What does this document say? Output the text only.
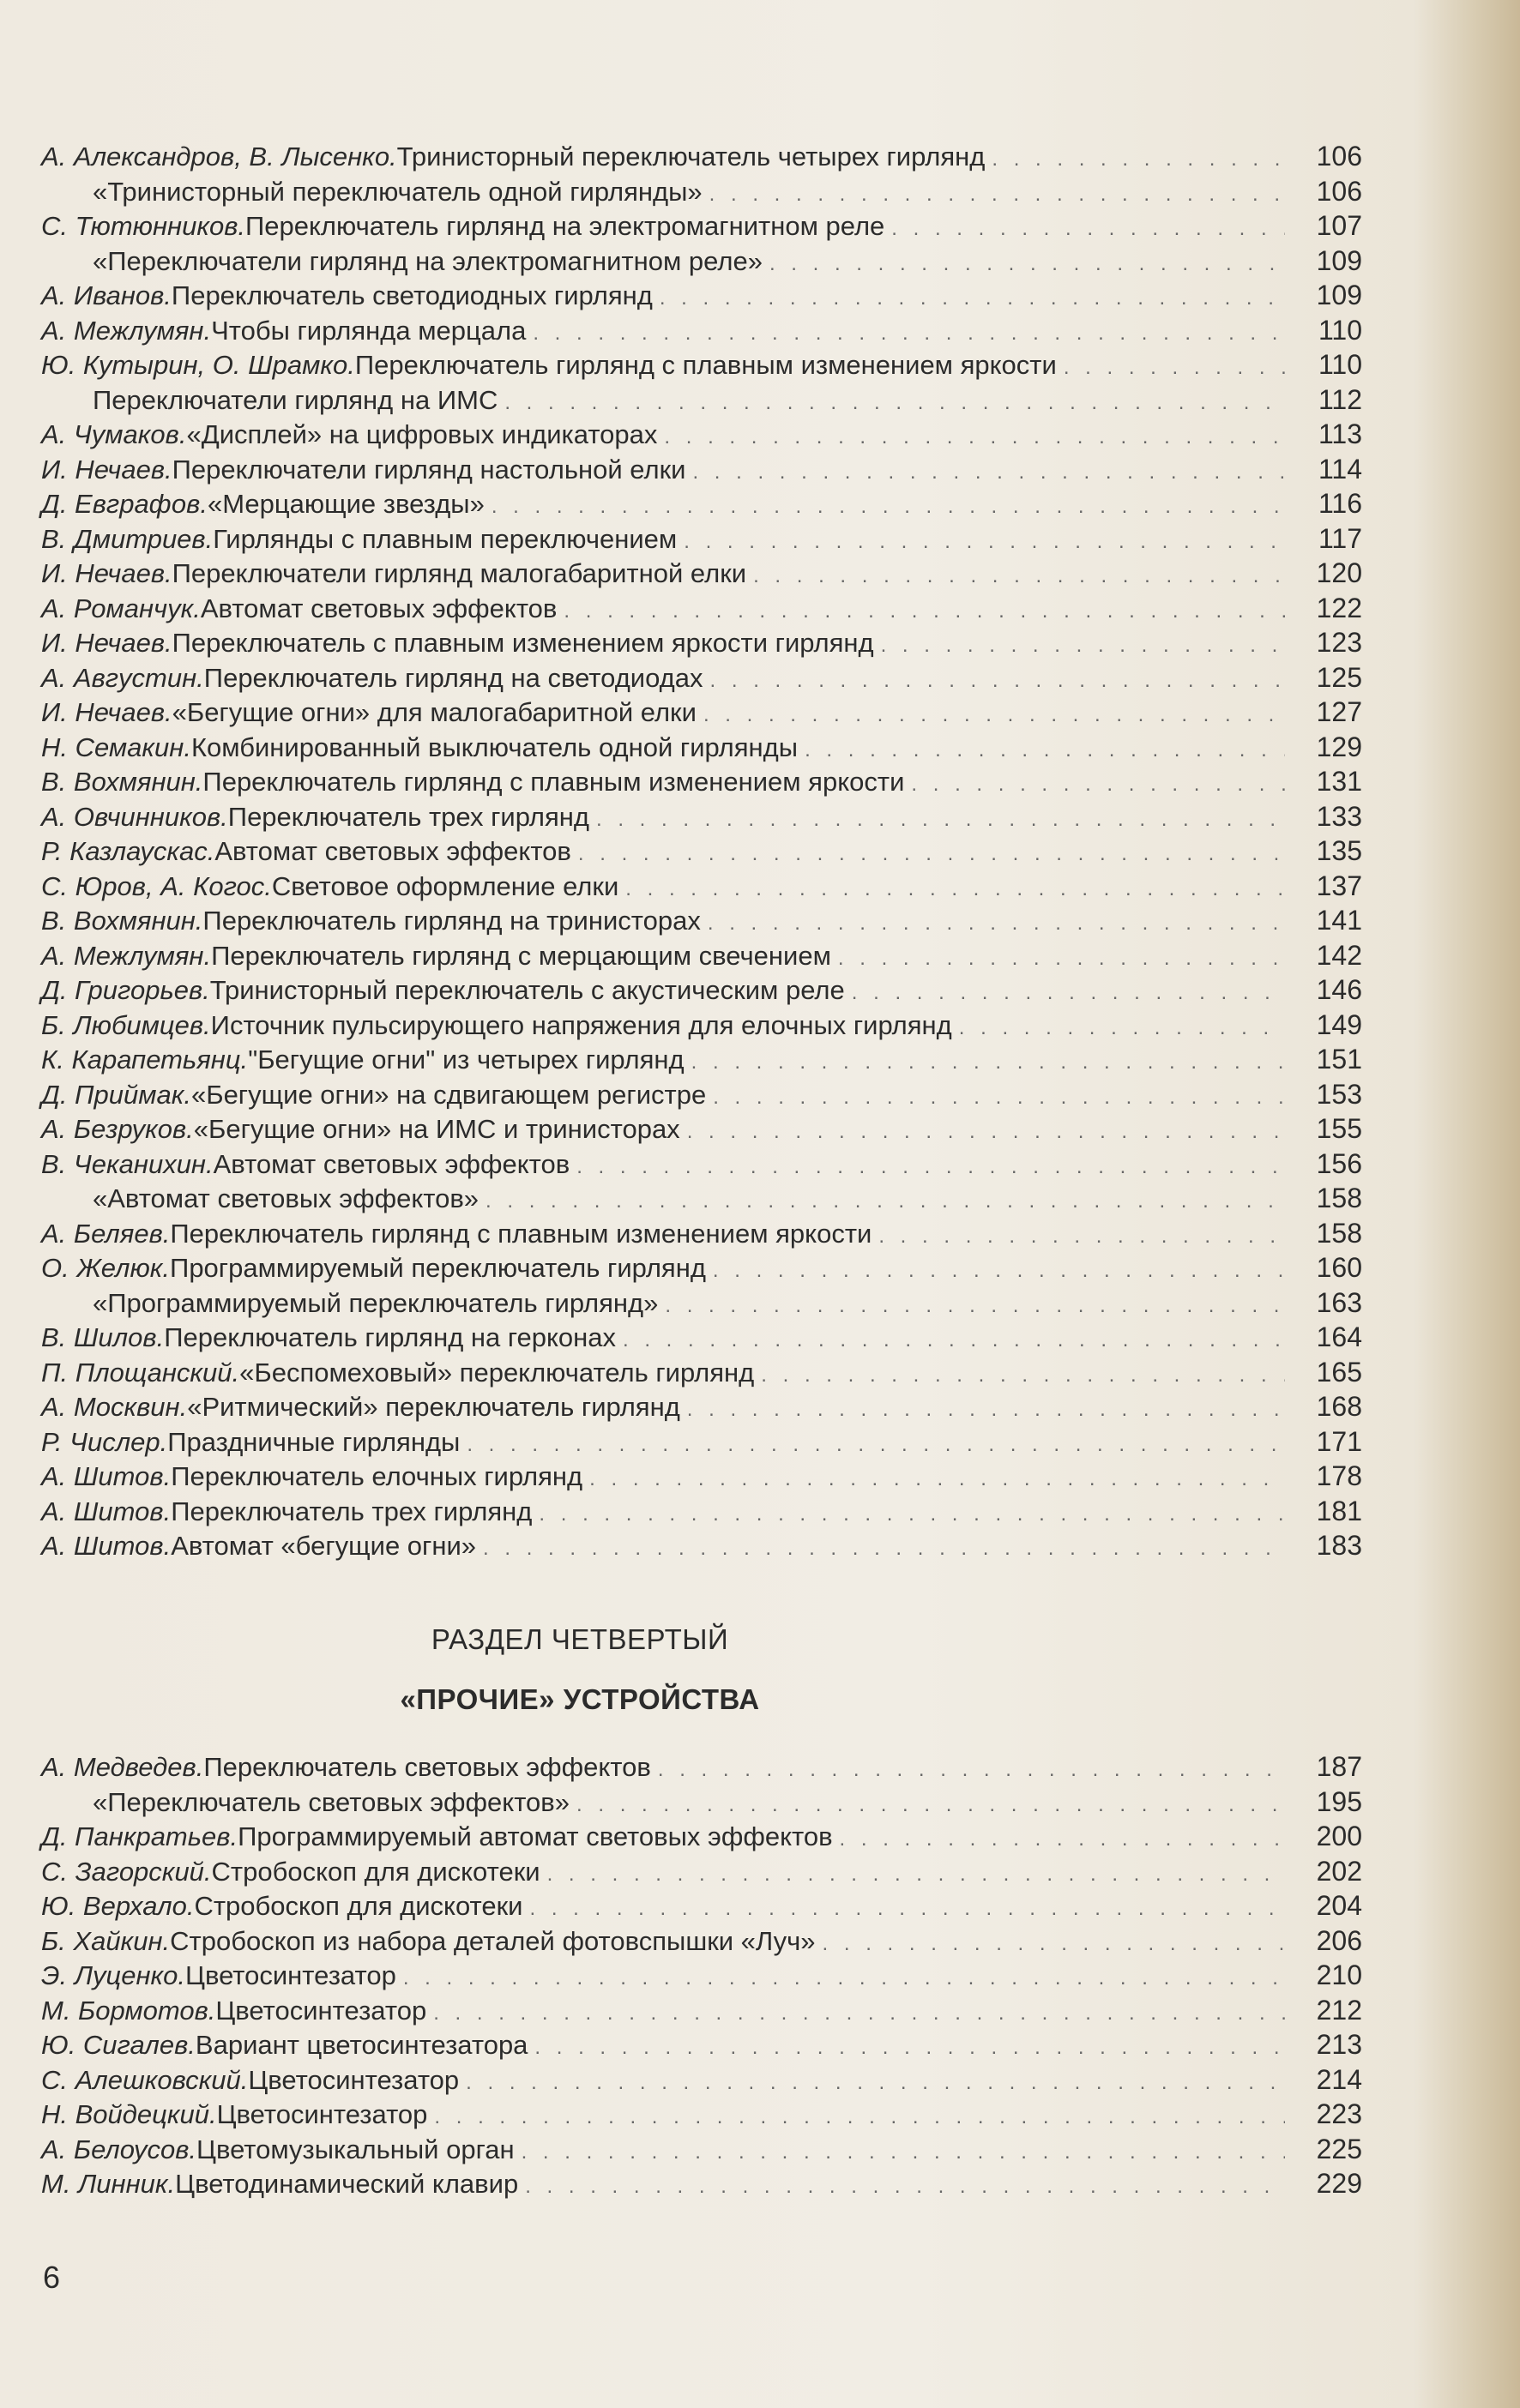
А. Александров, В. Лысенко. Тринисторный переключатель четырех гирлянд . . .	106
«Тринисторный переключатель одной гирлянды» . . .	106
С. Тютюнников. Переключатель гирлянд на электромагнитном реле . . .	107
«Переключатели гирлянд на электромагнитном реле» . . .	109
А. Иванов. Переключатель светодиодных гирлянд . . .	109
А. Межлумян. Чтобы гирлянда мерцала . . .	110
Ю. Кутырин, О. Шрамко. Переключатель гирлянд с плавным изменением яркости . . .	110
Переключатели гирлянд на ИМС . . .	112
А. Чумаков. «Дисплей» на цифровых индикаторах . . .	113
И. Нечаев. Переключатели гирлянд настольной елки . . .	114
Д. Евграфов. «Мерцающие звезды» . . .	116
В. Дмитриев. Гирлянды с плавным переключением . . .	117
И. Нечаев. Переключатели гирлянд малогабаритной елки . . .	120
А. Романчук. Автомат световых эффектов . . .	122
И. Нечаев. Переключатель с плавным изменением яркости гирлянд . . .	123
А. Августин. Переключатель гирлянд на светодиодах . . .	125
И. Нечаев. «Бегущие огни» для малогабаритной елки . . .	127
Н. Семакин. Комбинированный выключатель одной гирлянды . . .	129
В. Вохмянин. Переключатель гирлянд с плавным изменением яркости . . .	131
А. Овчинников. Переключатель трех гирлянд . . .	133
Р. Казлаускас. Автомат световых эффектов . . .	135
С. Юров, А. Когос. Световое оформление елки . . .	137
В. Вохмянин. Переключатель гирлянд на тринисторах . . .	141
А. Межлумян. Переключатель гирлянд с мерцающим свечением . . .	142
Д. Григорьев. Тринисторный переключатель с акустическим реле . . .	146
Б. Любимцев. Источник пульсирующего напряжения для елочных гирлянд . . .	149
К. Карапетьянц. "Бегущие огни" из четырех гирлянд . . .	151
Д. Приймак. «Бегущие огни» на сдвигающем регистре . . .	153
А. Безруков. «Бегущие огни» на ИМС и тринисторах . . .	155
В. Чеканихин. Автомат световых эффектов . . .	156
«Автомат световых эффектов» . . .	158
А. Беляев. Переключатель гирлянд с плавным изменением яркости . . .	158
О. Желюк. Программируемый переключатель гирлянд . . .	160
«Программируемый переключатель гирлянд» . . .	163
В. Шилов. Переключатель гирлянд на герконах . . .	164
П. Площанский. «Беспомеховый» переключатель гирлянд . . .	165
А. Москвин. «Ритмический» переключатель гирлянд . . .	168
Р. Числер. Праздничные гирлянды . . .	171
А. Шитов. Переключатель елочных гирлянд . . .	178
А. Шитов. Переключатель трех гирлянд . . .	181
А. Шитов. Автомат «бегущие огни» . . .	183
РАЗДЕЛ ЧЕТВЕРТЫЙ
«ПРОЧИЕ» УСТРОЙСТВА
А. Медведев. Переключатель световых эффектов . . .	187
«Переключатель световых эффектов» . . .	195
Д. Панкратьев. Программируемый автомат световых эффектов . . .	200
С. Загорский. Стробоскоп для дискотеки . . .	202
Ю. Верхало. Стробоскоп для дискотеки . . .	204
Б. Хайкин. Стробоскоп из набора деталей фотовспышки «Луч» . . .	206
Э. Луценко. Цветосинтезатор . . .	210
М. Бормотов. Цветосинтезатор . . .	212
Ю. Сигалев. Вариант цветосинтезатора . . .	213
С. Алешковский. Цветосинтезатор . . .	214
Н. Войдецкий. Цветосинтезатор . . .	223
А. Белоусов. Цветомузыкальный орган . . .	225
М. Линник. Цветодинамический клавир . . .	229
6
